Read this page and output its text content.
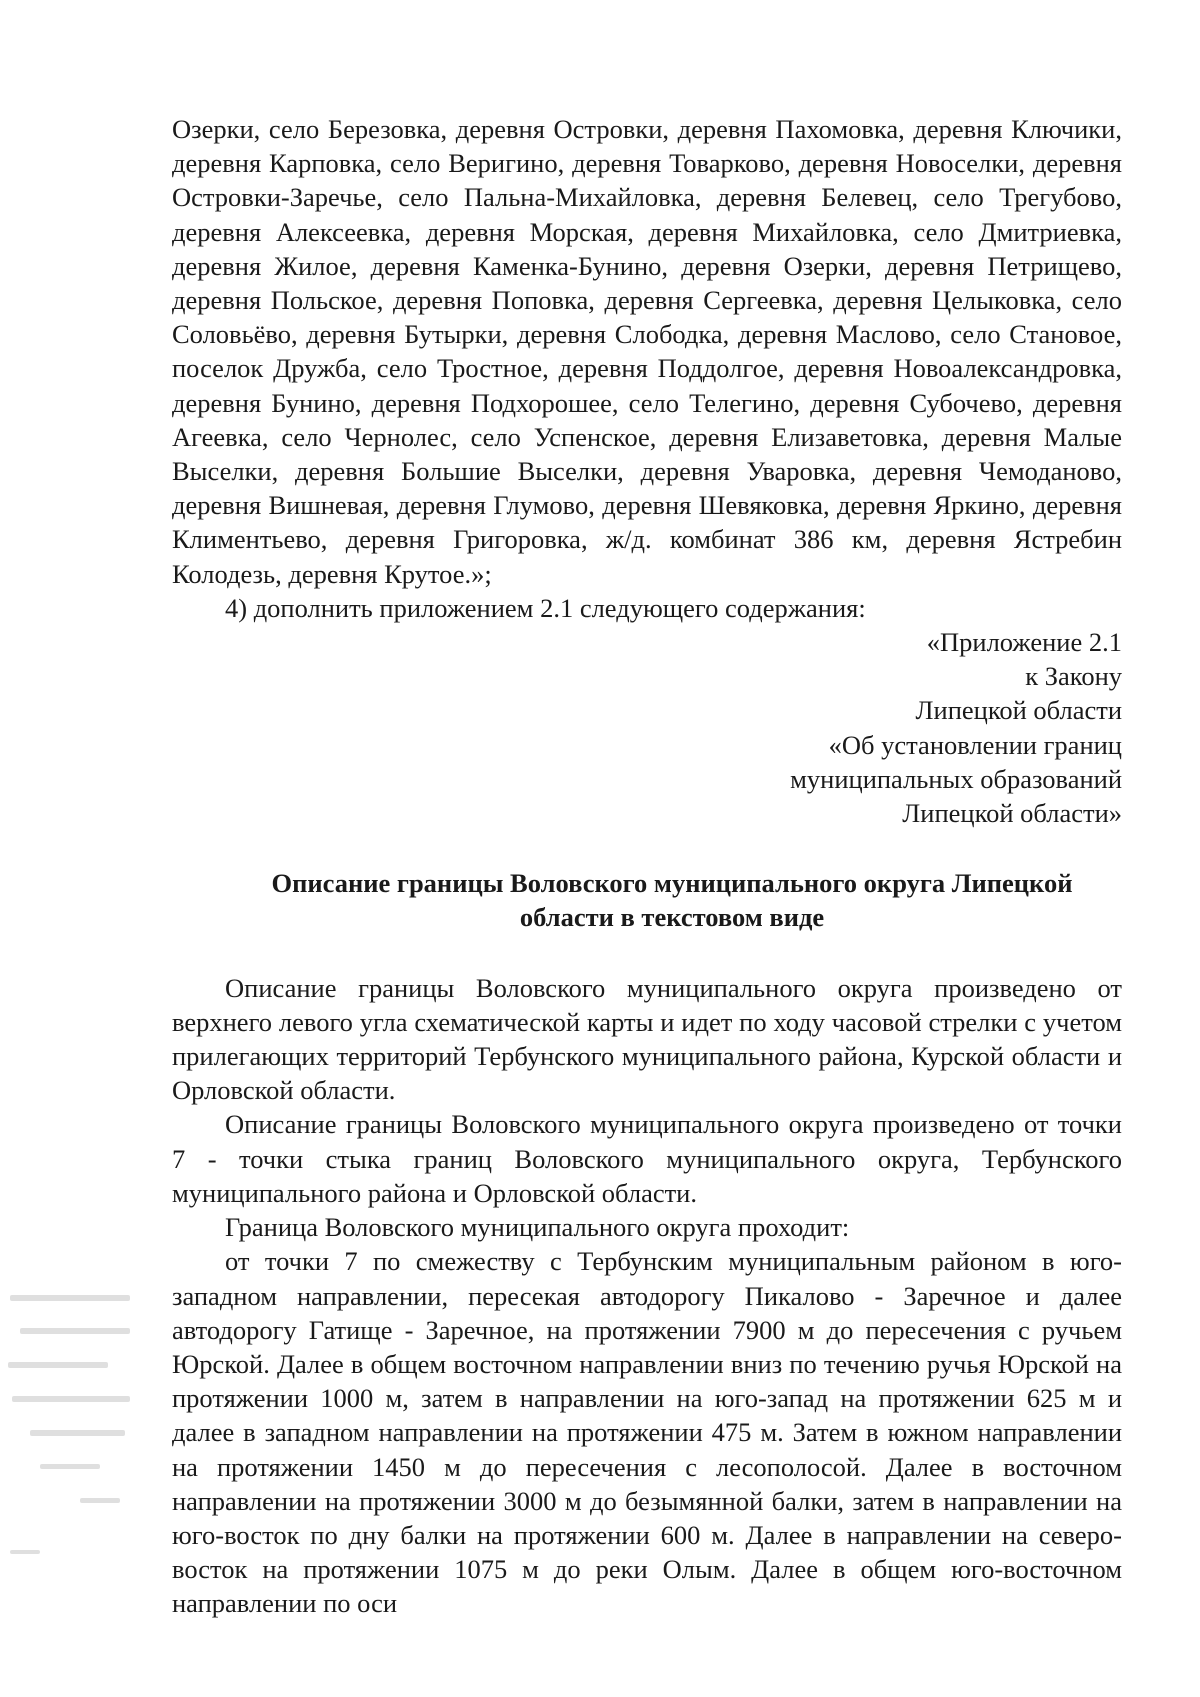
Озерки, село Березовка, деревня Островки, деревня Пахомовка, деревня Ключики, деревня Карповка, село Веригино, деревня Товарково, деревня Новоселки, деревня Островки-Заречье, село Пальна-Михайловка, деревня Белевец, село Трегубово, деревня Алексеевка, деревня Морская, деревня Михайловка, село Дмитриевка, деревня Жилое, деревня Каменка-Бунино, деревня Озерки, деревня Петрищево, деревня Польское, деревня Поповка, деревня Сергеевка, деревня Целыковка, село Соловьёво, деревня Бутырки, деревня Слободка, деревня Маслово, село Становое, поселок Дружба, село Тростное, деревня Поддолгое, деревня Новоалександровка, деревня Бунино, деревня Подхорошее, село Телегино, деревня Субочево, деревня Агеевка, село Чернолес, село Успенское, деревня Елизаветовка, деревня Малые Выселки, деревня Большие Выселки, деревня Уваровка, деревня Чемоданово, деревня Вишневая, деревня Глумово, деревня Шевяковка, деревня Яркино, деревня Климентьево, деревня Григоровка, ж/д. комбинат 386 км, деревня Ястребин Колодезь, деревня Крутое.»;

4) дополнить приложением 2.1 следующего содержания:

«Приложение 2.1
к Закону
Липецкой области
«Об установлении границ
муниципальных образований
Липецкой области»
Описание границы Воловского муниципального округа Липецкой
области в текстовом виде

Описание границы Воловского муниципального округа произведено от верхнего левого угла схематической карты и идет по ходу часовой стрелки с учетом прилегающих территорий Тербунского муниципального района, Курской области и Орловской области.

Описание границы Воловского муниципального округа произведено от точки 7 - точки стыка границ Воловского муниципального округа, Тербунского муниципального района и Орловской области.

Граница Воловского муниципального округа проходит:

от точки 7 по смежеству с Тербунским муниципальным районом в юго-западном направлении, пересекая автодорогу Пикалово - Заречное и далее автодорогу Гатище - Заречное, на протяжении 7900 м до пересечения с ручьем Юрской. Далее в общем восточном направлении вниз по течению ручья Юрской на протяжении 1000 м, затем в направлении на юго-запад на протяжении 625 м и далее в западном направлении на протяжении 475 м. Затем в южном направлении на протяжении 1450 м до пересечения с лесополосой. Далее в восточном направлении на протяжении 3000 м до безымянной балки, затем в направлении на юго-восток по дну балки на протяжении 600 м. Далее в направлении на северо-восток на протяжении 1075 м до реки Олым. Далее в общем юго-восточном направлении по оси
